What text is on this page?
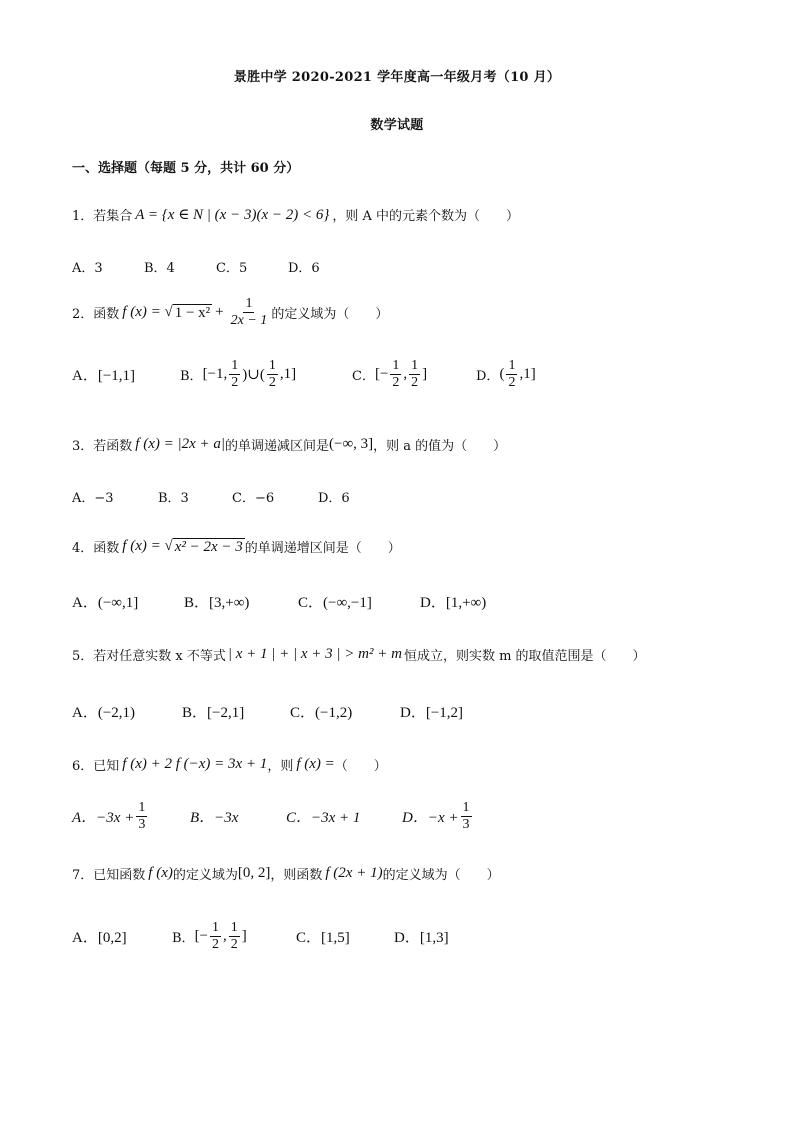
景胜中学 2020-2021 学年度高一年级月考（10 月）
数学试题
一、选择题（每题 5 分，共计 60 分）
1．若集合 A = {x ∈ N | (x − 3)(x − 2) < 6} ，则 A 中的元素个数为（　　）
A．3	B．4	C．5	D．6
2．函数 f (x) = √ $1 - x^2 + \frac{1}{2x - 1}$ 的定义域为（　　）
A．[−1,1]	B． [−1, $\frac{1}{2}$ )∪( $\frac{1}{2} ,1$]	C． [− $\frac{1}{2}$ , $\frac{1}{2}$ ]	D． ( $\frac{1}{2} ,1$]
3．若函数 f (x) = |2x + a| 的单调递减区间是 (−∞, 3] ，则 a 的值为（　　）
A．−3	B．3	C．−6	D．6
4．函数 f (x) = √ x² − 2x − 3 的单调递增区间是（　　）
A．(−∞,1]	B．[3,+∞)	C．(−∞,−1]	D．[1,+∞)
5．若对任意实数 x 不等式 | x + 1 | + | x + 3 | > m² + m 恒成立，则实数 m 的取值范围是（　　）
A．(−2,1)	B．[−2,1]	C．(−1,2)	D．[−1,2]
6．已知 f (x) + 2 f (−x) = 3x + 1 ，则 f (x) = （　　）
A．$-3x + \frac{1}{3}$	B．−3x	C．−3x + 1	D．$-x + \frac{1}{3}$
7．已知函数 f (x) 的定义域为 [0, 2] ，则函数 f (2x + 1) 的定义域为（　　）
A．[0,2]	B． [− $\frac{1}{2}$ , $\frac{1}{2}$ ]	C．[1,5]	D．[1,3]
